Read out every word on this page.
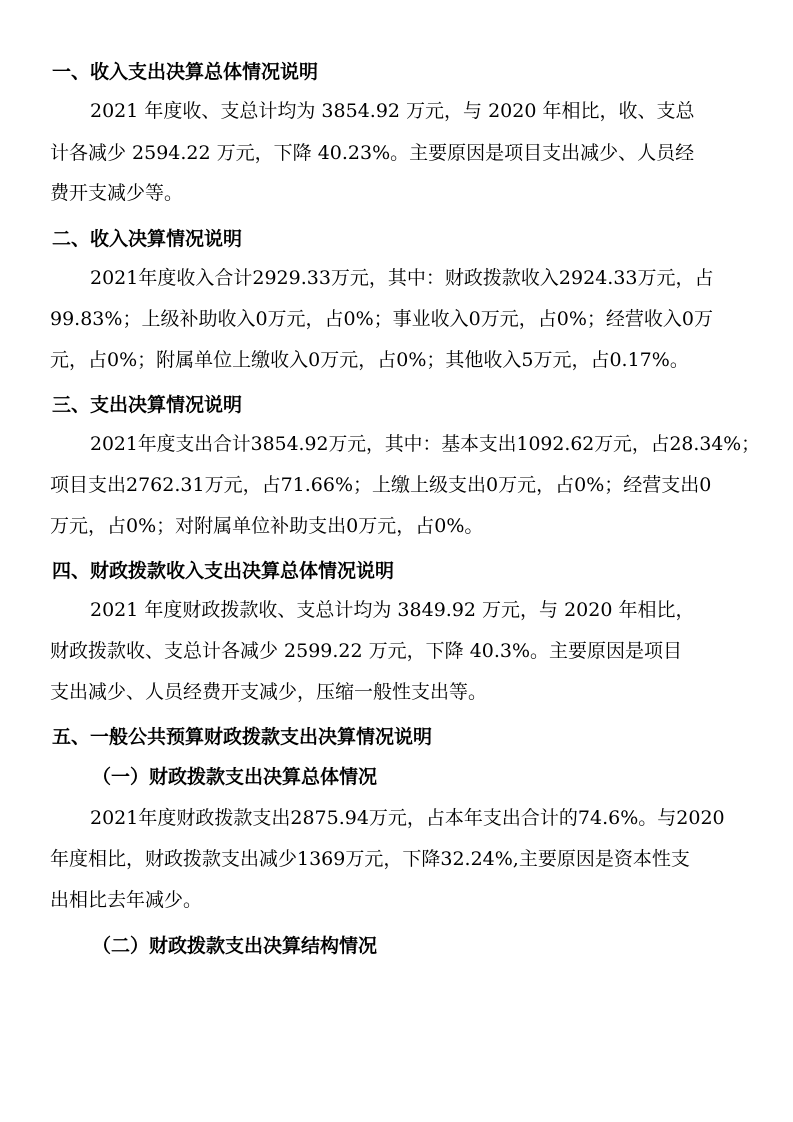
一、收入支出决算总体情况说明
2021 年度收、支总计均为 3854.92 万元，与 2020 年相比，收、支总
计各减少 2594.22 万元，下降 40.23%。主要原因是项目支出减少、人员经
费开支减少等。
二、收入决算情况说明
2021年度收入合计2929.33万元，其中：财政拨款收入2924.33万元，占
99.83%；上级补助收入0万元，占0%；事业收入0万元，占0%；经营收入0万
元，占0%；附属单位上缴收入0万元，占0%；其他收入5万元，占0.17%。
三、支出决算情况说明
2021年度支出合计3854.92万元，其中：基本支出1092.62万元，占28.34%；
项目支出2762.31万元，占71.66%；上缴上级支出0万元，占0%；经营支出0
万元，占0%；对附属单位补助支出0万元，占0%。
四、财政拨款收入支出决算总体情况说明
2021 年度财政拨款收、支总计均为 3849.92 万元，与 2020 年相比，
财政拨款收、支总计各减少 2599.22 万元，下降 40.3%。主要原因是项目
支出减少、人员经费开支减少，压缩一般性支出等。
五、一般公共预算财政拨款支出决算情况说明
（一）财政拨款支出决算总体情况
2021年度财政拨款支出2875.94万元，占本年支出合计的74.6%。与2020
年度相比，财政拨款支出减少1369万元，下降32.24%,主要原因是资本性支
出相比去年减少。
（二）财政拨款支出决算结构情况
